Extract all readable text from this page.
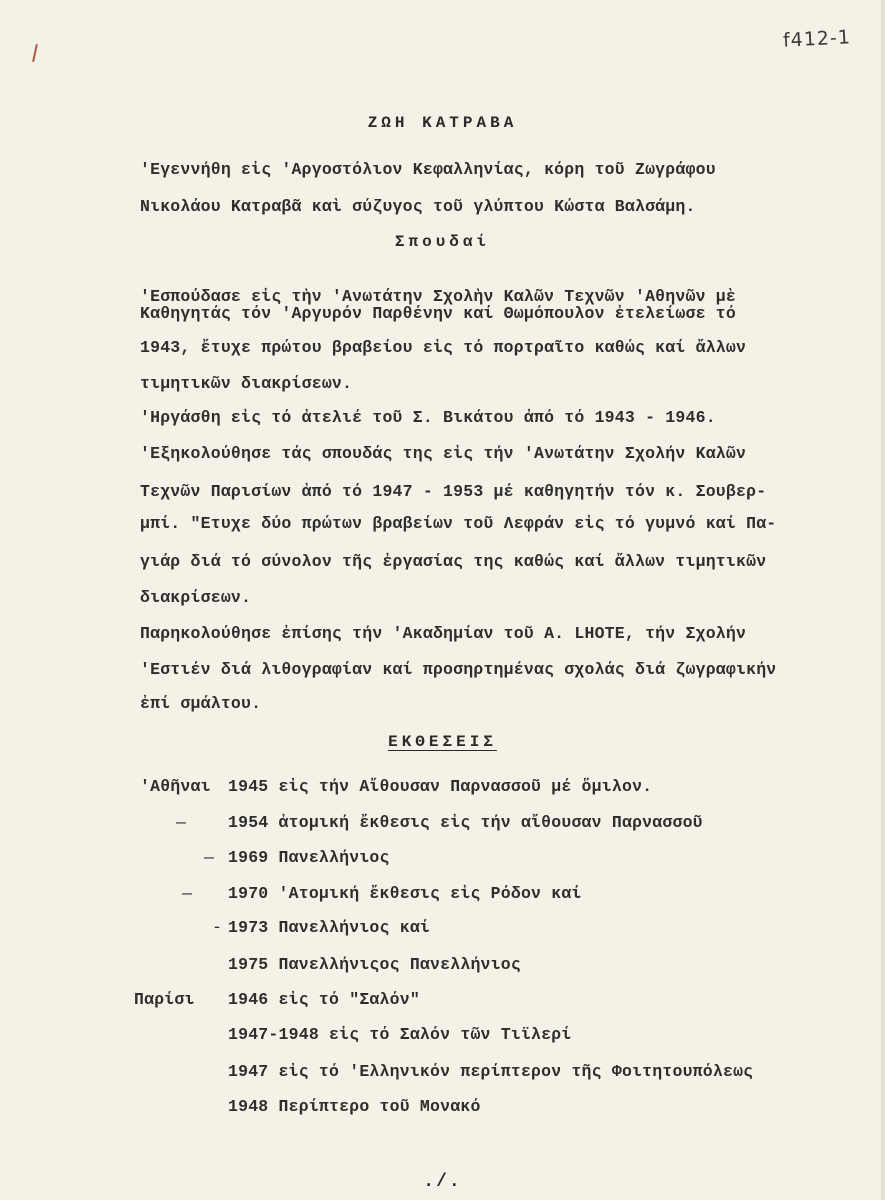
f412-1
ΖΩΗ ΚΑΤΡΑΒΑ
'Εγεννήθη εἰς 'Αργοστόλιον Κεφαλληνίας, κόρη τοῦ Ζωγράφου
Νικολάου Κατραβᾶ καὶ σύζυγος τοῦ γλύπτου Κώστα Βαλσάμη.
Σπουδαί
'Εσπούδασε εἰς τὴν 'Ανωτάτην Σχολὴν Καλῶν Τεχνῶν 'Αθηνῶν μὲ
Καθηγητάς τόν 'Αργυρόν Παρθένην καί Θωμόπουλον ἐτελείωσε τό
1943, ἔτυχε πρώτου βραβείου εἰς τό πορτραῖτο καθώς καί ἄλλων
τιμητικῶν διακρίσεων.
'Ηργάσθη εἰς τό ἀτελιέ τοῦ Σ. Βικάτου ἀπό τό 1943 - 1946.
'Εξηκολούθησε τάς σπουδάς της εἰς τήν 'Ανωτάτην Σχολήν Καλῶν
Τεχνῶν Παρισίων ἀπό τό 1947 - 1953 μέ καθηγητήν τόν κ. Σουβερ-
μπί. "Ετυχε δύο πρώτων βραβείων τοῦ Λεφράν εἰς τό γυμνό καί Πα-
γιάρ διά τό σύνολον τῆς ἐργασίας της καθώς καί ἄλλων τιμητικῶν
διακρίσεων.
Παρηκολούθησε ἐπίσης τήν 'Ακαδημίαν τοῦ Α. LHOTE, τήν Σχολήν
'Εστιέν διά λιθογραφίαν καί προσηρτημένας σχολάς διά ζωγραφικήν
ἐπί σμάλτου.
ΕΚΘΕΣΕΙΣ
'Αθῆναι 1945 εἰς τήν Αἴθουσαν Παρνασσοῦ μέ ὅμιλον.
—	1954 ἀτομική ἔκθεσις εἰς τήν αἴθουσαν Παρνασσοῦ
— 1969 Πανελλήνιος
— 1970 'Ατομική ἔκθεσις εἰς Ρόδον καί
- 1973 Πανελλήνιος καί
1975 Πανελλήνιςος Πανελλήνιος
Παρίσι 1946 εἰς τό "Σαλόν"
1947-1948 εἰς τό Σαλόν τῶν Τιϊλερί
1947 εἰς τό 'Ελληνικόν περίπτερον τῆς Φοιτητουπόλεως
1948 Περίπτερο τοῦ Μονακό
./.
